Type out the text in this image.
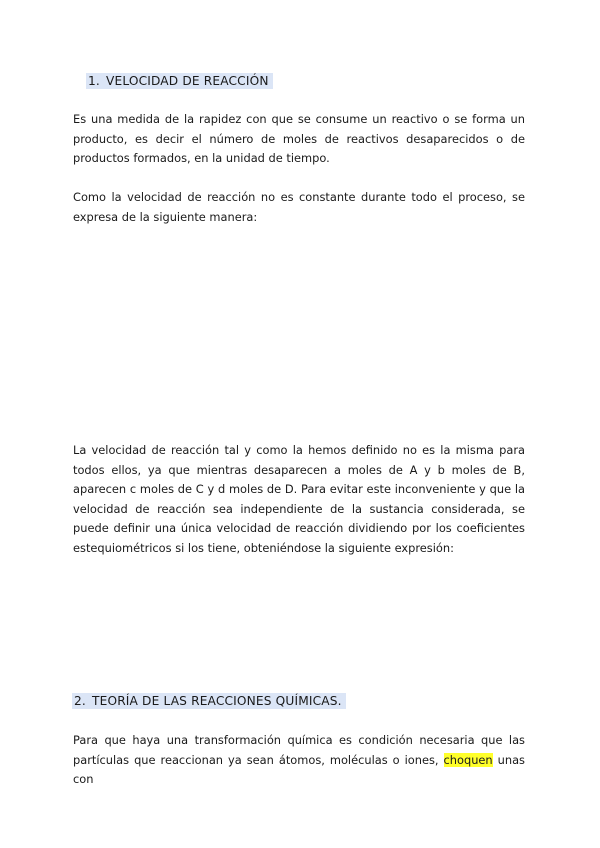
1. VELOCIDAD DE REACCIÓN

Es una medida de la rapidez con que se consume un reactivo o se forma un producto, es decir el número de moles de reactivos desaparecidos o de productos formados, en la unidad de tiempo.

Como la velocidad de reacción no es constante durante todo el proceso, se expresa de la siguiente manera:

La velocidad de reacción tal y como la hemos definido no es la misma para todos ellos, ya que mientras desaparecen a moles de A y b moles de B, aparecen c moles de C y d moles de D. Para evitar este inconveniente y que la velocidad de reacción sea independiente de la sustancia considerada, se puede definir una única velocidad de reacción dividiendo por los coeficientes estequiométricos si los tiene, obteniéndose la siguiente expresión:

2. TEORÍA DE LAS REACCIONES QUÍMICAS.

Para que haya una transformación química es condición necesaria que las partículas que reaccionan ya sean átomos, moléculas o iones, choquen unas con
